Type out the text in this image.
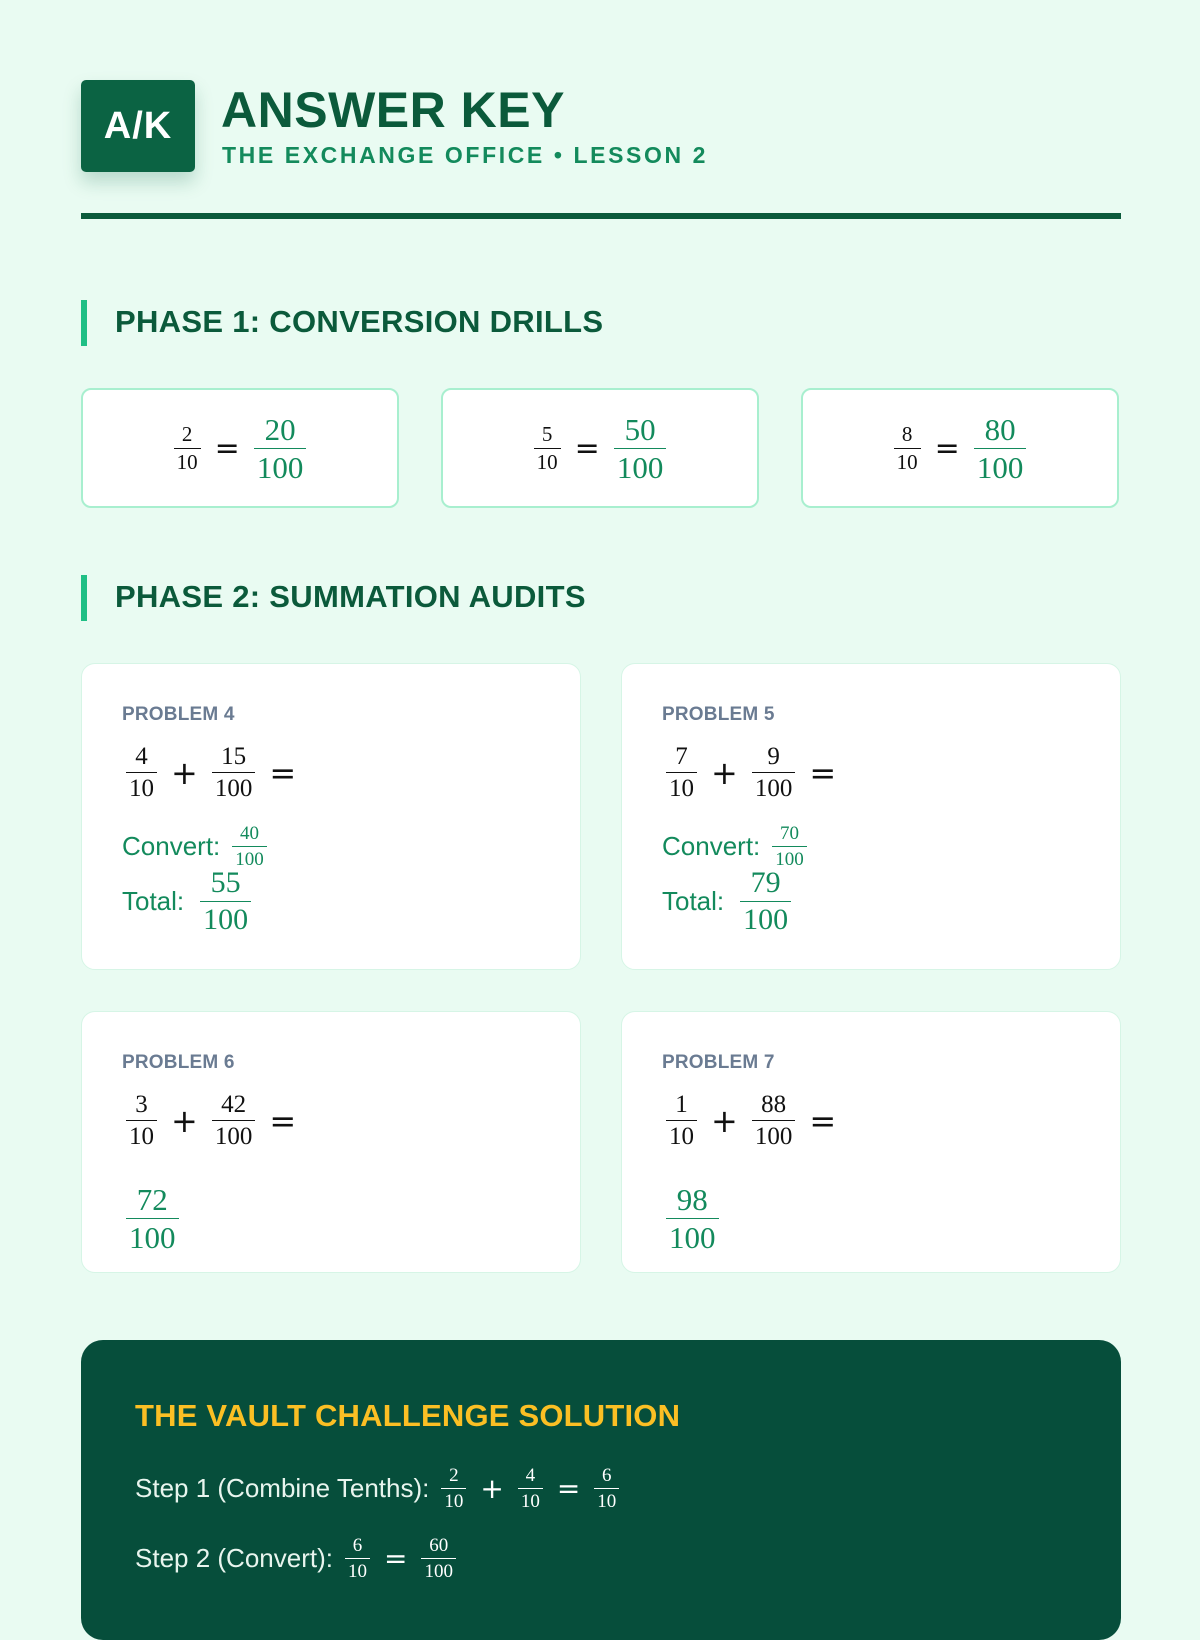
A/K ANSWER KEY
THE EXCHANGE OFFICE • LESSON 2
PHASE 1: CONVERSION DRILLS
$\frac{2}{10} = \frac{20}{100}$	$\frac{5}{10} = \frac{50}{100}$	$\frac{8}{10} = \frac{80}{100}$
PHASE 2: SUMMATION AUDITS
PROBLEM 4
$\frac{4}{10} + \frac{15}{100}$ =
Convert: $\frac{40}{100}$
Total: $\frac{55}{100}$
PROBLEM 5
$\frac{7}{10} + \frac{9}{100}$ =
Convert: $\frac{70}{100}$
Total: $\frac{79}{100}$
PROBLEM 6
$\frac{3}{10} + \frac{42}{100}$ =
$\frac{72}{100}$
PROBLEM 7
$\frac{1}{10} + \frac{88}{100}$ =
$\frac{98}{100}$
THE VAULT CHALLENGE SOLUTION
Step 1 (Combine Tenths): $\frac{2}{10} + \frac{4}{10} = \frac{6}{10}$
Step 2 (Convert): $\frac{6}{10} = \frac{60}{100}$
